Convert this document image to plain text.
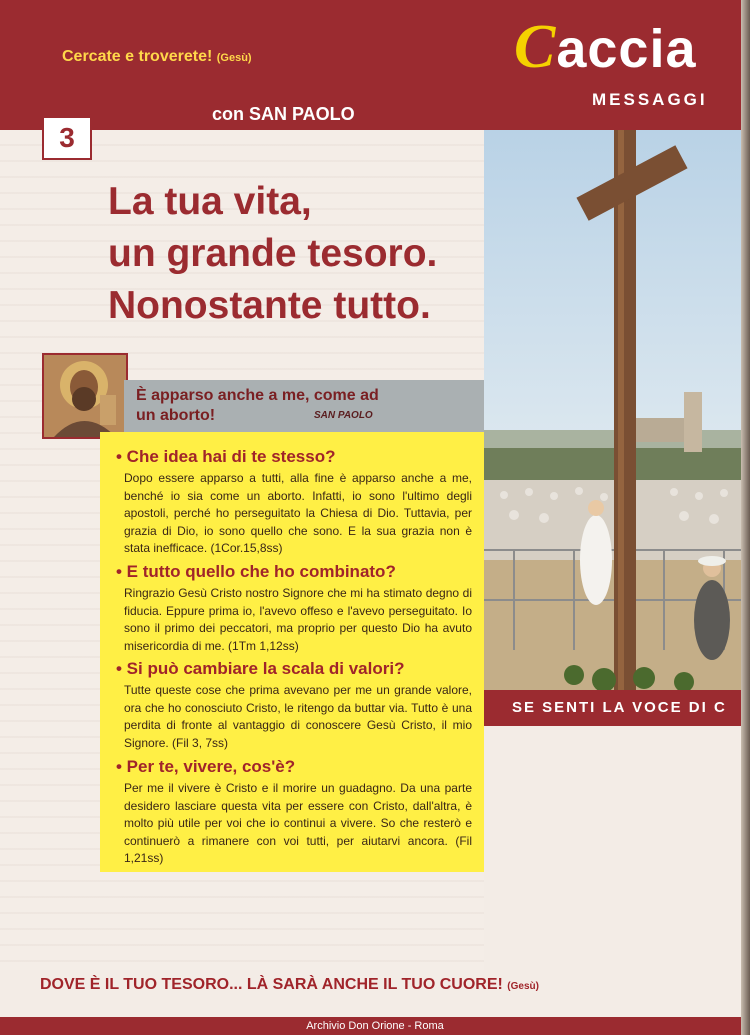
Cercate e troverete! (Gesù)	Caccia
MESSAGGI
con SAN PAOLO
3
La tua vita,
un grande tesoro.
Nonostante tutto.
SE SENTI LA VOCE DI C
È apparso anche a me, come ad
un aborto!	SAN PAOLO
• Che idea hai di te stesso?

Dopo essere apparso a tutti, alla fine è apparso anche a me, benché io sia come un aborto. Infatti, io sono l'ultimo degli apostoli, perché ho perseguitato la Chiesa di Dio. Tuttavia, per grazia di Dio, io sono quello che sono. E la sua grazia non è stata inefficace. (1Cor.15,8ss)

• E tutto quello che ho combinato?

Ringrazio Gesù Cristo nostro Signore che mi ha stimato degno di fiducia. Eppure prima io, l'avevo offeso e l'avevo perseguitato. Io sono il primo dei peccatori, ma proprio per questo Dio ha avuto misericordia di me. (1Tm 1,12ss)

• Si può cambiare la scala di valori?

Tutte queste cose che prima avevano per me un grande valore, ora che ho conosciuto Cristo, le ritengo da buttar via. Tutto è una perdita di fronte al vantaggio di conoscere Gesù Cristo, il mio Signore. (Fil 3, 7ss)

• Per te, vivere, cos'è?

Per me il vivere è Cristo e il morire un guadagno. Da una parte desidero lasciare questa vita per essere con Cristo, dall'altra, è molto più utile per voi che io continui a vivere. So che resterò e continuerò a rimanere con voi tutti, per aiutarvi ancora. (Fil 1,21ss)

DOVE È IL TUO TESORO... LÀ SARÀ ANCHE IL TUO CUORE! (Gesù)
Archivio Don Orione - Roma
